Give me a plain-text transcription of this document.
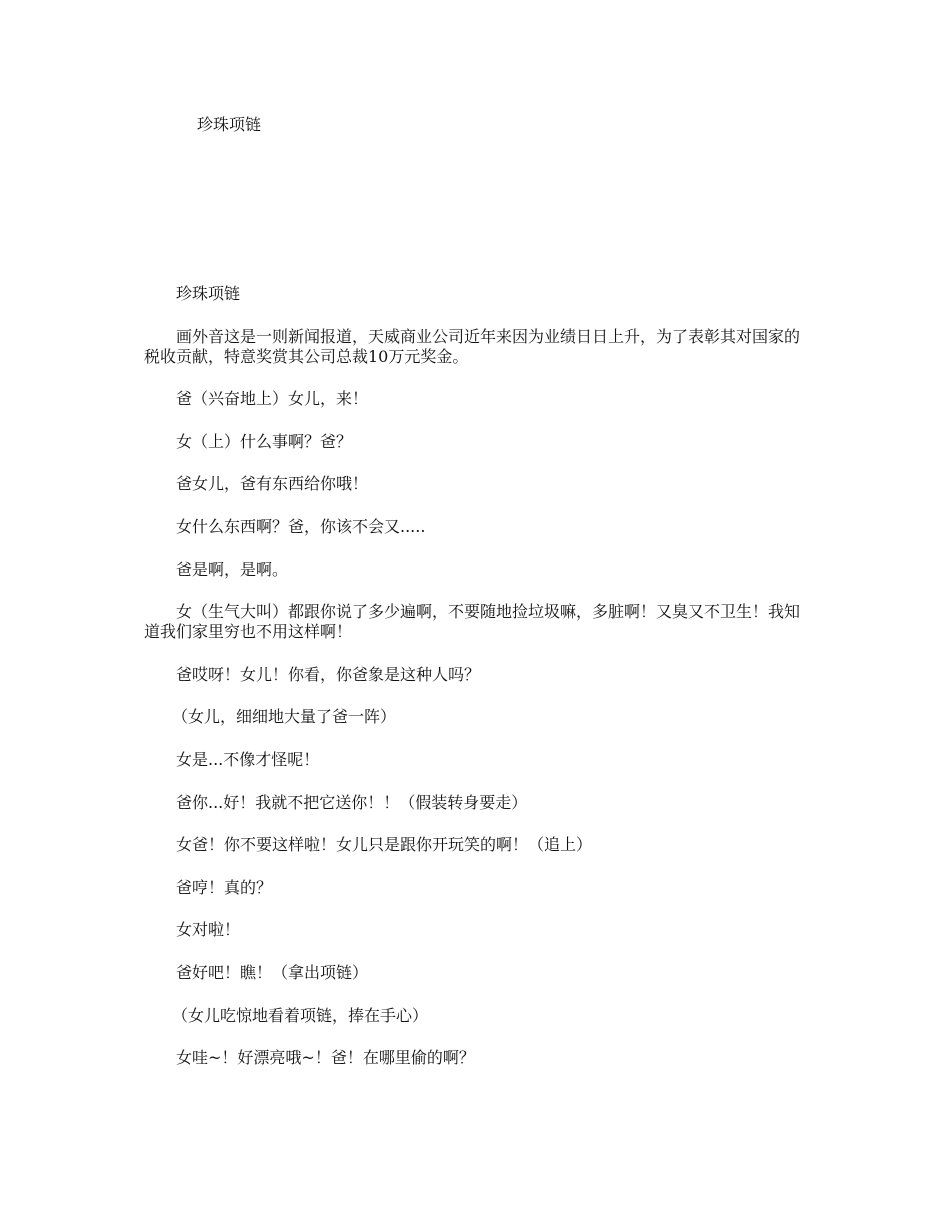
珍珠项链

珍珠项链

画外音这是一则新闻报道，天威商业公司近年来因为业绩日日上升，为了表彰其对国家的税收贡献，特意奖赏其公司总裁10万元奖金。

爸（兴奋地上）女儿，来！

女（上）什么事啊？爸？

爸女儿，爸有东西给你哦！

女什么东西啊？爸，你该不会又.....

爸是啊，是啊。

女（生气大叫）都跟你说了多少遍啊，不要随地捡垃圾嘛，多脏啊！又臭又不卫生！我知道我们家里穷也不用这样啊！

爸哎呀！女儿！你看，你爸象是这种人吗？

（女儿，细细地大量了爸一阵）

女是...不像才怪呢！

爸你...好！我就不把它送你！！（假装转身要走）

女爸！你不要这样啦！女儿只是跟你开玩笑的啊！（追上）

爸哼！真的？

女对啦！

爸好吧！瞧！（拿出项链）

（女儿吃惊地看着项链，捧在手心）

女哇~！好漂亮哦~！爸！在哪里偷的啊？
